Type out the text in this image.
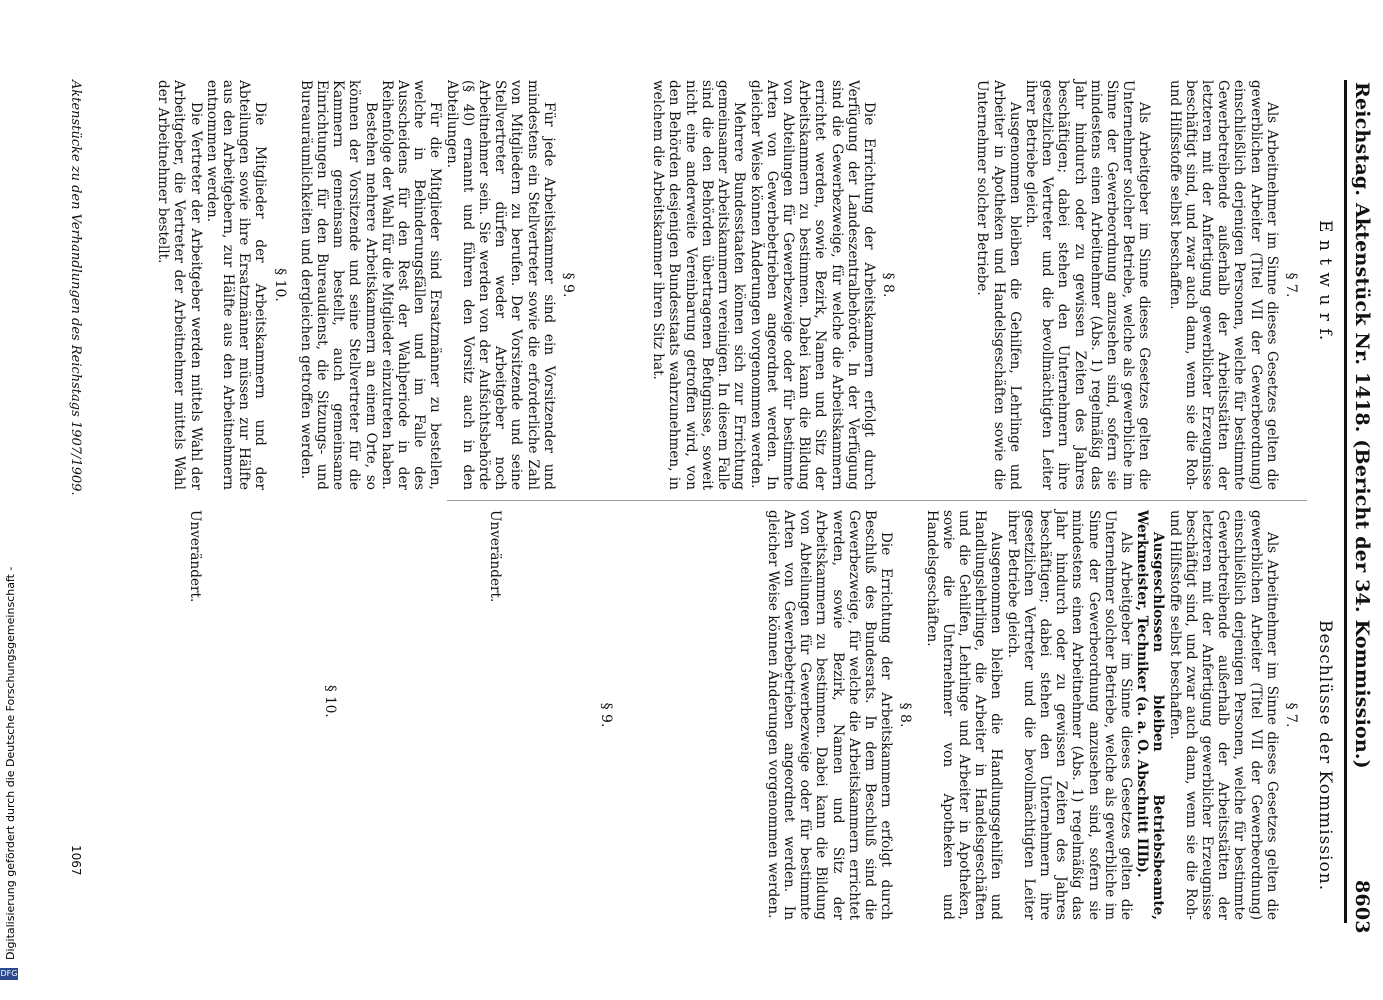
Reichstag. Aktenstück Nr. 1418. (Bericht der 34. Kommission.)
8603
E n t w u r f.
Beschlüsse der Kommission.
§ 7.

Als Arbeitnehmer im Sinne dieses Gesetzes gelten die gewerblichen Arbeiter (Titel VII der Gewerbeordnung) einschließlich derjenigen Personen, welche für bestimmte Gewerbetreibende außerhalb der Arbeitsstätten der letzteren mit der Anfertigung gewerblicher Erzeugnisse beschäftigt sind, und zwar auch dann, wenn sie die Roh- und Hilfsstoffe selbst beschaffen.

Als Arbeitgeber im Sinne dieses Gesetzes gelten die Unternehmer solcher Betriebe, welche als gewerbliche im Sinne der Gewerbeordnung anzusehen sind, sofern sie mindestens einen Arbeitnehmer (Abs. 1) regelmäßig das Jahr hindurch oder zu gewissen Zeiten des Jahres beschäftigen; dabei stehen den Unternehmern ihre gesetzlichen Vertreter und die bevollmächtigten Leiter ihrer Betriebe gleich.

Ausgenommen bleiben die Gehilfen, Lehrlinge und Arbeiter in Apotheken und Handelsgeschäften sowie die Unternehmer solcher Betriebe.

§ 8.

Die Errichtung der Arbeitskammern erfolgt durch Verfügung der Landeszentralbehörde. In der Verfügung sind die Gewerbezweige, für welche die Arbeitskammern errichtet werden, sowie Bezirk, Namen und Sitz der Arbeitskammern zu bestimmen. Dabei kann die Bildung von Abteilungen für Gewerbezweige oder für bestimmte Arten von Gewerbebetrieben angeordnet werden. In gleicher Weise können Änderungen vorgenommen werden.

Mehrere Bundesstaaten können sich zur Errichtung gemeinsamer Arbeitskammern vereinigen. In diesem Falle sind die den Behörden übertragenen Befugnisse, soweit nicht eine anderweite Vereinbarung getroffen wird, von den Behörden desjenigen Bundesstaats wahrzunehmen, in welchem die Arbeitskammer ihren Sitz hat.

§ 9.

Für jede Arbeitskammer sind ein Vorsitzender und mindestens ein Stellvertreter sowie die erforderliche Zahl von Mitgliedern zu berufen. Der Vorsitzende und seine Stellvertreter dürfen weder Arbeitgeber noch Arbeitnehmer sein. Sie werden von der Aufsichtsbehörde (§ 40) ernannt und führen den Vorsitz auch in den Abteilungen.

Für die Mitglieder sind Ersatzmänner zu bestellen, welche in Behinderungsfällen und im Falle des Ausscheidens für den Rest der Wahlperiode in der Reihenfolge der Wahl für die Mitglieder einzutreten haben.

Bestehen mehrere Arbeitskammern an einem Orte, so können der Vorsitzende und seine Stellvertreter für die Kammern gemeinsam bestellt, auch gemeinsame Einrichtungen für den Bureaudienst, die Sitzungs- und Bureauräumlichkeiten und dergleichen getroffen werden.

§ 10.

Die Mitglieder der Arbeitskammern und der Abteilungen sowie ihre Ersatzmänner müssen zur Hälfte aus den Arbeitgebern, zur Hälfte aus den Arbeitnehmern entnommen werden.

Die Vertreter der Arbeitgeber werden mittels Wahl der Arbeitgeber, die Vertreter der Arbeitnehmer mittels Wahl der Arbeitnehmer bestellt.

§ 7.

Als Arbeitnehmer im Sinne dieses Gesetzes gelten die gewerblichen Arbeiter (Titel VII der Gewerbeordnung) einschließlich derjenigen Personen, welche für bestimmte Gewerbetreibende außerhalb der Arbeitsstätten der letzteren mit der Anfertigung gewerblicher Erzeugnisse beschäftigt sind, und zwar auch dann, wenn sie die Roh- und Hilfsstoffe selbst beschaffen.

Ausgeschlossen bleiben Betriebsbeamte, Werkmeister, Techniker (a. a. O. Abschnitt IIIb).

Als Arbeitgeber im Sinne dieses Gesetzes gelten die Unternehmer solcher Betriebe, welche als gewerbliche im Sinne der Gewerbeordnung anzusehen sind, sofern sie mindestens einen Arbeitnehmer (Abs. 1) regelmäßig das Jahr hindurch oder zu gewissen Zeiten des Jahres beschäftigen; dabei stehen den Unternehmern ihre gesetzlichen Vertreter und die bevollmächtigten Leiter ihrer Betriebe gleich.

Ausgenommen bleiben die Handlungsgehilfen und Handlungslehrlinge, die Arbeiter in Handelsgeschäften und die Gehilfen, Lehrlinge und Arbeiter in Apotheken, sowie die Unternehmer von Apotheken und Handelsgeschäften.

§ 8.

Die Errichtung der Arbeitskammern erfolgt durch Beschluß des Bundesrats. In dem Beschluß sind die Gewerbezweige, für welche die Arbeitskammern errichtet werden, sowie Bezirk, Namen und Sitz der Arbeitskammern zu bestimmen. Dabei kann die Bildung von Abteilungen für Gewerbezweige oder für bestimmte Arten von Gewerbebetrieben angeordnet werden. In gleicher Weise können Änderungen vorgenommen werden.

§ 9.
Unverändert.
§ 10.
Unverändert.
1067
Aktenstücke zu den Verhandlungen des Reichstags 1907/1909.
Digitalisierung gefördert durch die Deutsche Forschungsgemeinschaft -
DFG
